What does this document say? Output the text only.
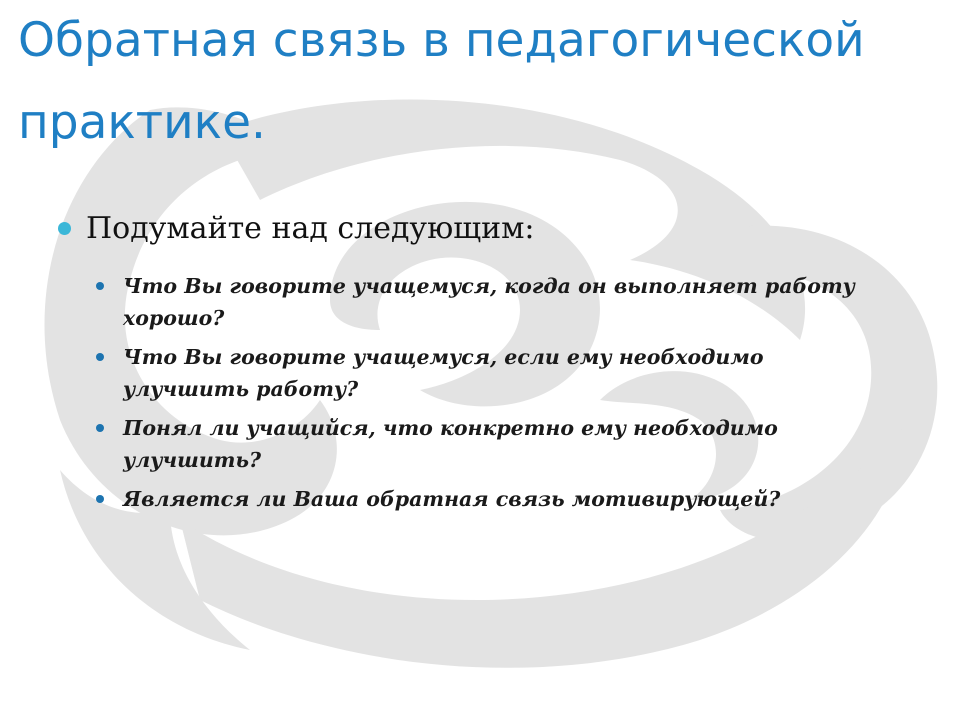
Обратная связь в педагогической практике.
Подумайте над следующим:
Что Вы говорите учащемуся, когда он выполняет работу хорошо?
Что Вы говорите учащемуся, если ему необходимо улучшить работу?
Понял ли учащийся, что конкретно ему необходимо улучшить?
Является ли Ваша обратная связь мотивирующей?
